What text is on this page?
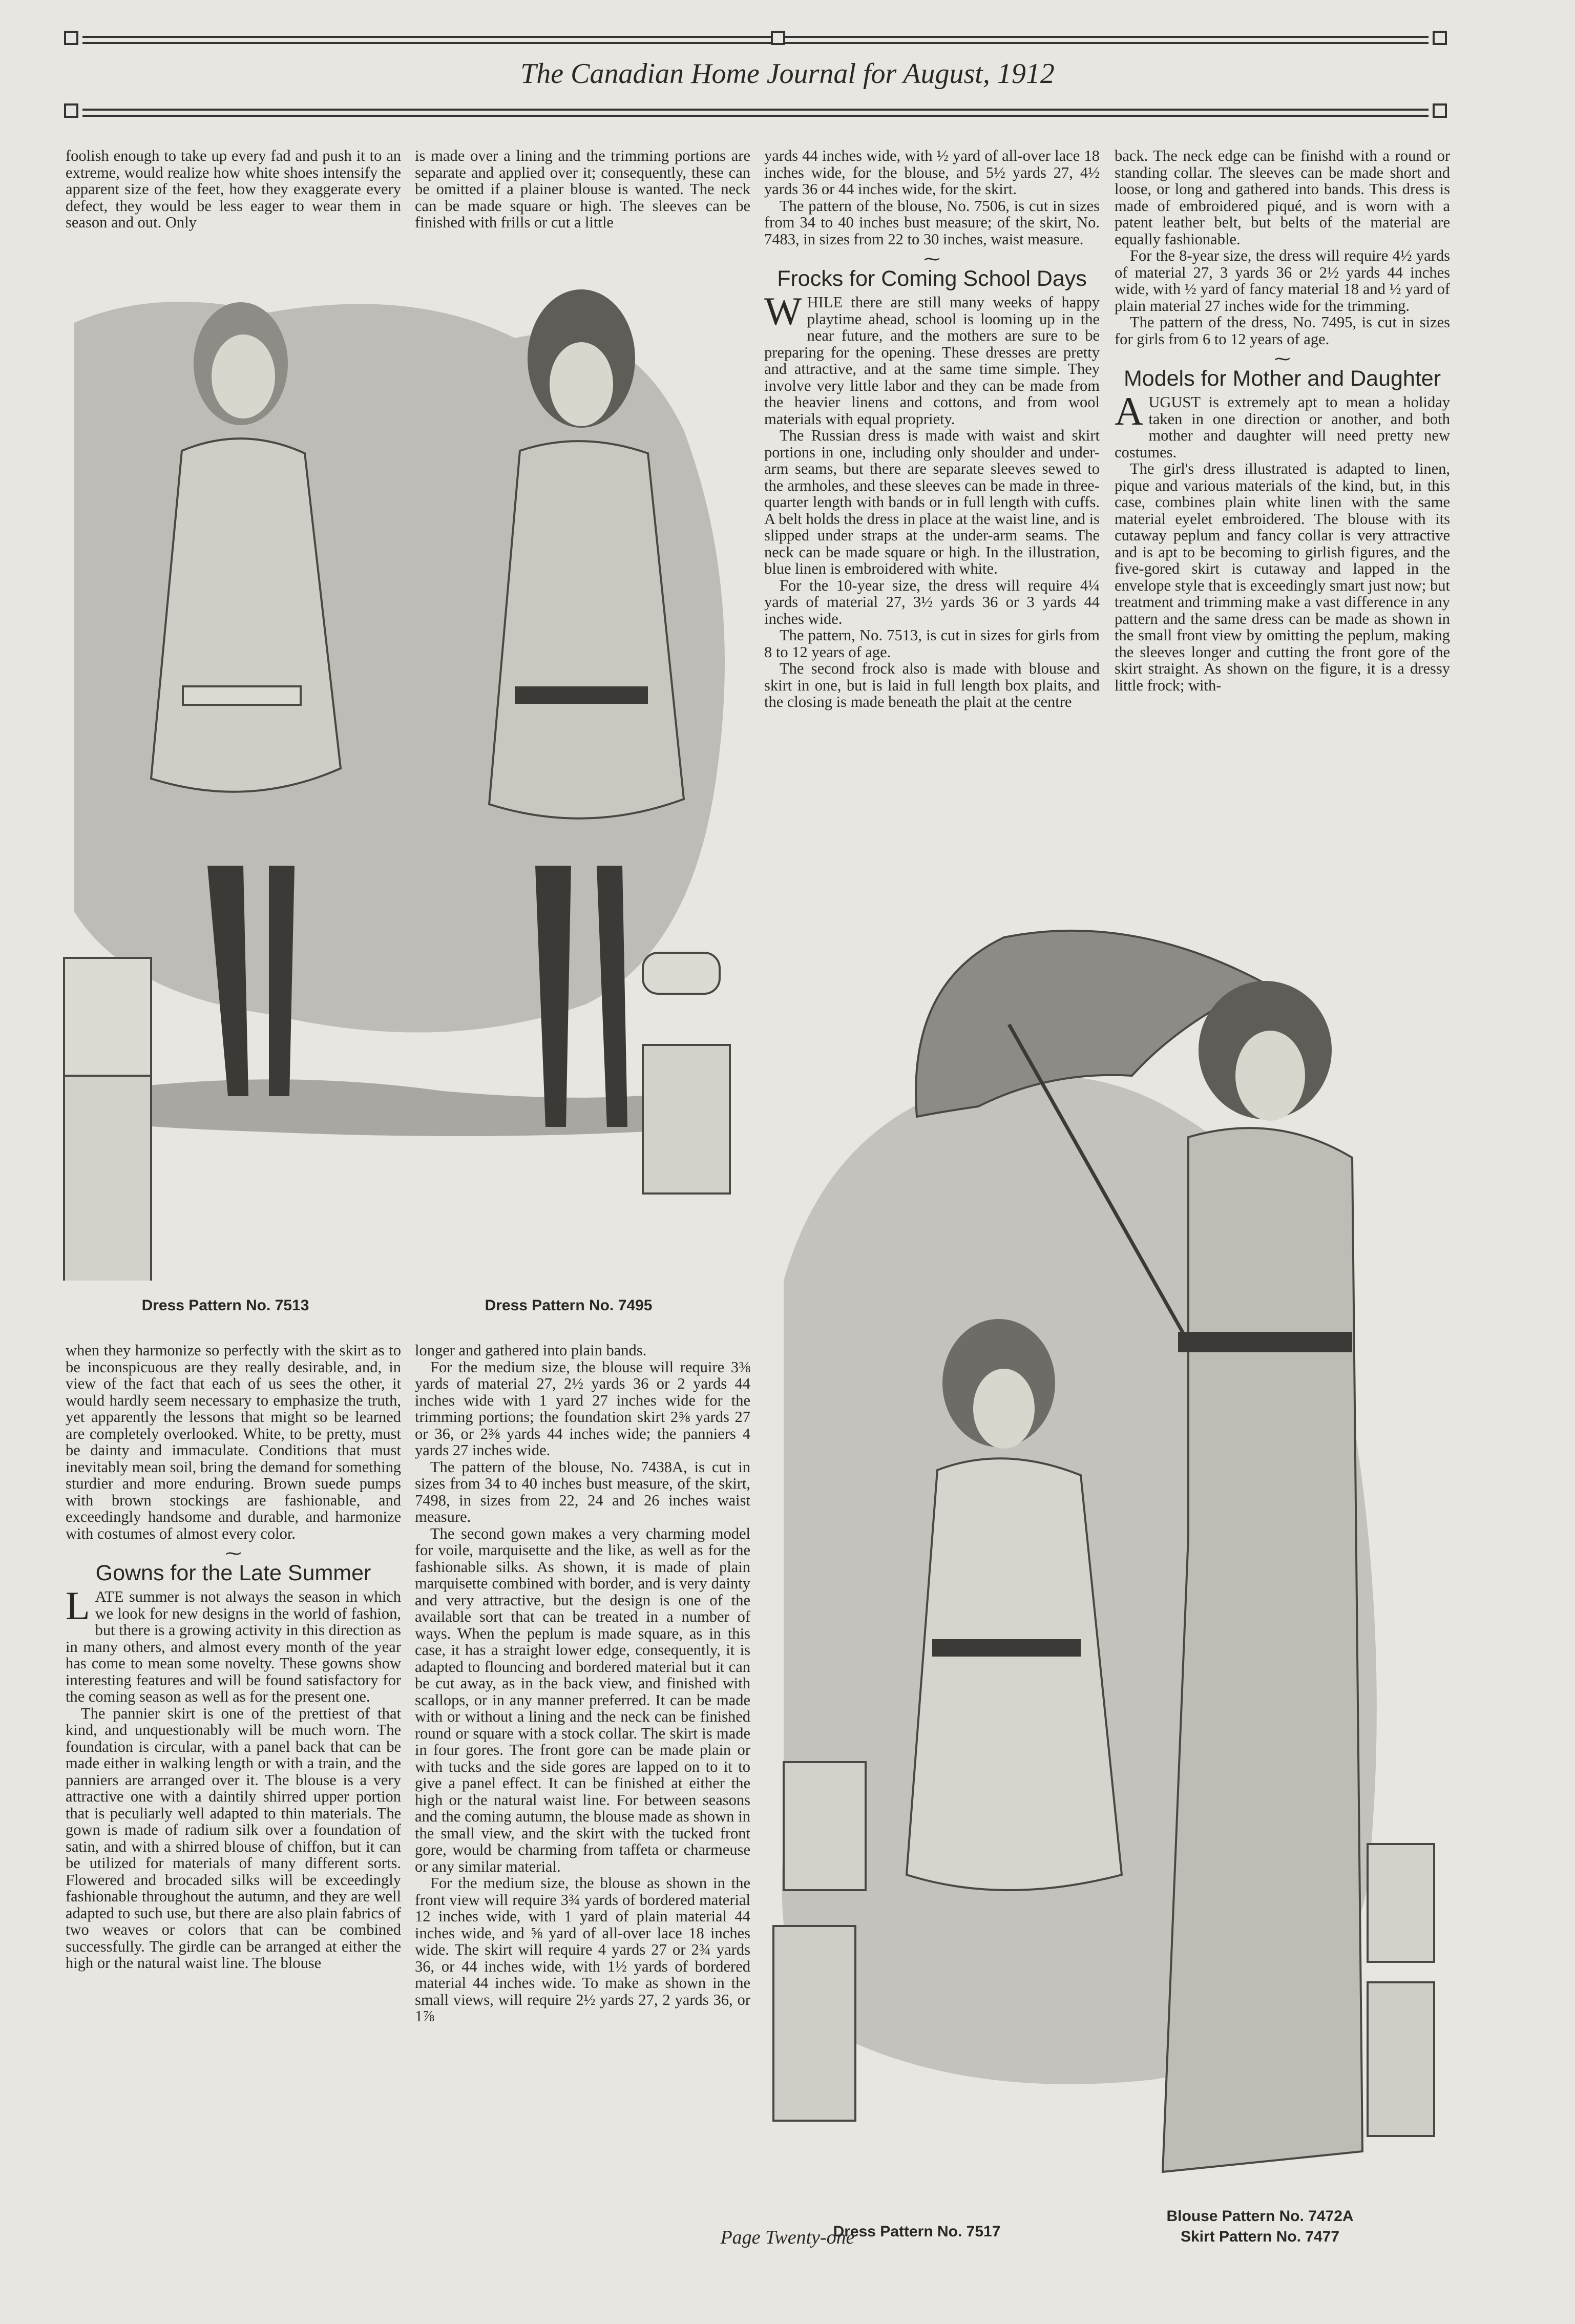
The Canadian Home Journal for August, 1912

foolish enough to take up every fad and push it to an extreme, would realize how white shoes intensify the apparent size of the feet, how they exaggerate every defect, they would be less eager to wear them in season and out. Only

is made over a lining and the trimming portions are separate and applied over it; consequently, these can be omitted if a plainer blouse is wanted. The neck can be made square or high. The sleeves can be finished with frills or cut a little

yards 44 inches wide, with ½ yard of all-over lace 18 inches wide, for the blouse, and 5½ yards 27, 4½ yards 36 or 44 inches wide, for the skirt.

The pattern of the blouse, No. 7506, is cut in sizes from 34 to 40 inches bust measure; of the skirt, No. 7483, in sizes from 22 to 30 inches, waist measure.

⁓
Frocks for Coming School Days

WHILE there are still many weeks of happy playtime ahead, school is looming up in the near future, and the mothers are sure to be preparing for the opening. These dresses are pretty and attractive, and at the same time simple. They involve very little labor and they can be made from the heavier linens and cottons, and from wool materials with equal propriety.

The Russian dress is made with waist and skirt portions in one, including only shoulder and under-arm seams, but there are separate sleeves sewed to the armholes, and these sleeves can be made in three-quarter length with bands or in full length with cuffs. A belt holds the dress in place at the waist line, and is slipped under straps at the under-arm seams. The neck can be made square or high. In the illustration, blue linen is embroidered with white.

For the 10-year size, the dress will require 4¼ yards of material 27, 3½ yards 36 or 3 yards 44 inches wide.

The pattern, No. 7513, is cut in sizes for girls from 8 to 12 years of age.

The second frock also is made with blouse and skirt in one, but is laid in full length box plaits, and the closing is made beneath the plait at the centre

back. The neck edge can be finishd with a round or standing collar. The sleeves can be made short and loose, or long and gathered into bands. This dress is made of embroidered piqué, and is worn with a patent leather belt, but belts of the material are equally fashionable.

For the 8-year size, the dress will require 4½ yards of material 27, 3 yards 36 or 2½ yards 44 inches wide, with ½ yard of fancy material 18 and ½ yard of plain material 27 inches wide for the trimming.

The pattern of the dress, No. 7495, is cut in sizes for girls from 6 to 12 years of age.

⁓
Models for Mother and Daughter

AUGUST is extremely apt to mean a holiday taken in one direction or another, and both mother and daughter will need pretty new costumes.

The girl's dress illustrated is adapted to linen, pique and various materials of the kind, but, in this case, combines plain white linen with the same material eyelet embroidered. The blouse with its cutaway peplum and fancy collar is very attractive and is apt to be becoming to girlish figures, and the five-gored skirt is cutaway and lapped in the envelope style that is exceedingly smart just now; but treatment and trimming make a vast difference in any pattern and the same dress can be made as shown in the small front view by omitting the peplum, making the sleeves longer and cutting the front gore of the skirt straight. As shown on the figure, it is a dressy little frock; with-

Dress Pattern No. 7513	Dress Pattern No. 7495

when they harmonize so perfectly with the skirt as to be inconspicuous are they really desirable, and, in view of the fact that each of us sees the other, it would hardly seem necessary to emphasize the truth, yet apparently the lessons that might so be learned are completely overlooked. White, to be pretty, must be dainty and immaculate. Conditions that must inevitably mean soil, bring the demand for something sturdier and more enduring. Brown suede pumps with brown stockings are fashionable, and exceedingly handsome and durable, and harmonize with costumes of almost every color.

⁓
Gowns for the Late Summer

LATE summer is not always the season in which we look for new designs in the world of fashion, but there is a growing activity in this direction as in many others, and almost every month of the year has come to mean some novelty. These gowns show interesting features and will be found satisfactory for the coming season as well as for the present one.

The pannier skirt is one of the prettiest of that kind, and unquestionably will be much worn. The foundation is circular, with a panel back that can be made either in walking length or with a train, and the panniers are arranged over it. The blouse is a very attractive one with a daintily shirred upper portion that is peculiarly well adapted to thin materials. The gown is made of radium silk over a foundation of satin, and with a shirred blouse of chiffon, but it can be utilized for materials of many different sorts. Flowered and brocaded silks will be exceedingly fashionable throughout the autumn, and they are well adapted to such use, but there are also plain fabrics of two weaves or colors that can be combined successfully. The girdle can be arranged at either the high or the natural waist line. The blouse

longer and gathered into plain bands.

For the medium size, the blouse will require 3⅜ yards of material 27, 2½ yards 36 or 2 yards 44 inches wide with 1 yard 27 inches wide for the trimming portions; the foundation skirt 2⅝ yards 27 or 36, or 2⅜ yards 44 inches wide; the panniers 4 yards 27 inches wide.

The pattern of the blouse, No. 7438A, is cut in sizes from 34 to 40 inches bust measure, of the skirt, 7498, in sizes from 22, 24 and 26 inches waist measure.

The second gown makes a very charming model for voile, marquisette and the like, as well as for the fashionable silks. As shown, it is made of plain marquisette combined with border, and is very dainty and very attractive, but the design is one of the available sort that can be treated in a number of ways. When the peplum is made square, as in this case, it has a straight lower edge, consequently, it is adapted to flouncing and bordered material but it can be cut away, as in the back view, and finished with scallops, or in any manner preferred. It can be made with or without a lining and the neck can be finished round or square with a stock collar. The skirt is made in four gores. The front gore can be made plain or with tucks and the side gores are lapped on to it to give a panel effect. It can be finished at either the high or the natural waist line. For between seasons and the coming autumn, the blouse made as shown in the small view, and the skirt with the tucked front gore, would be charming from taffeta or charmeuse or any similar material.

For the medium size, the blouse as shown in the front view will require 3¾ yards of bordered material 12 inches wide, with 1 yard of plain material 44 inches wide, and ⅝ yard of all-over lace 18 inches wide. The skirt will require 4 yards 27 or 2¾ yards 36, or 44 inches wide, with 1½ yards of bordered material 44 inches wide. To make as shown in the small views, will require 2½ yards 27, 2 yards 36, or 1⅞

Dress Pattern No. 7517
Blouse Pattern No. 7472A
Skirt Pattern No. 7477
Page Twenty-one
